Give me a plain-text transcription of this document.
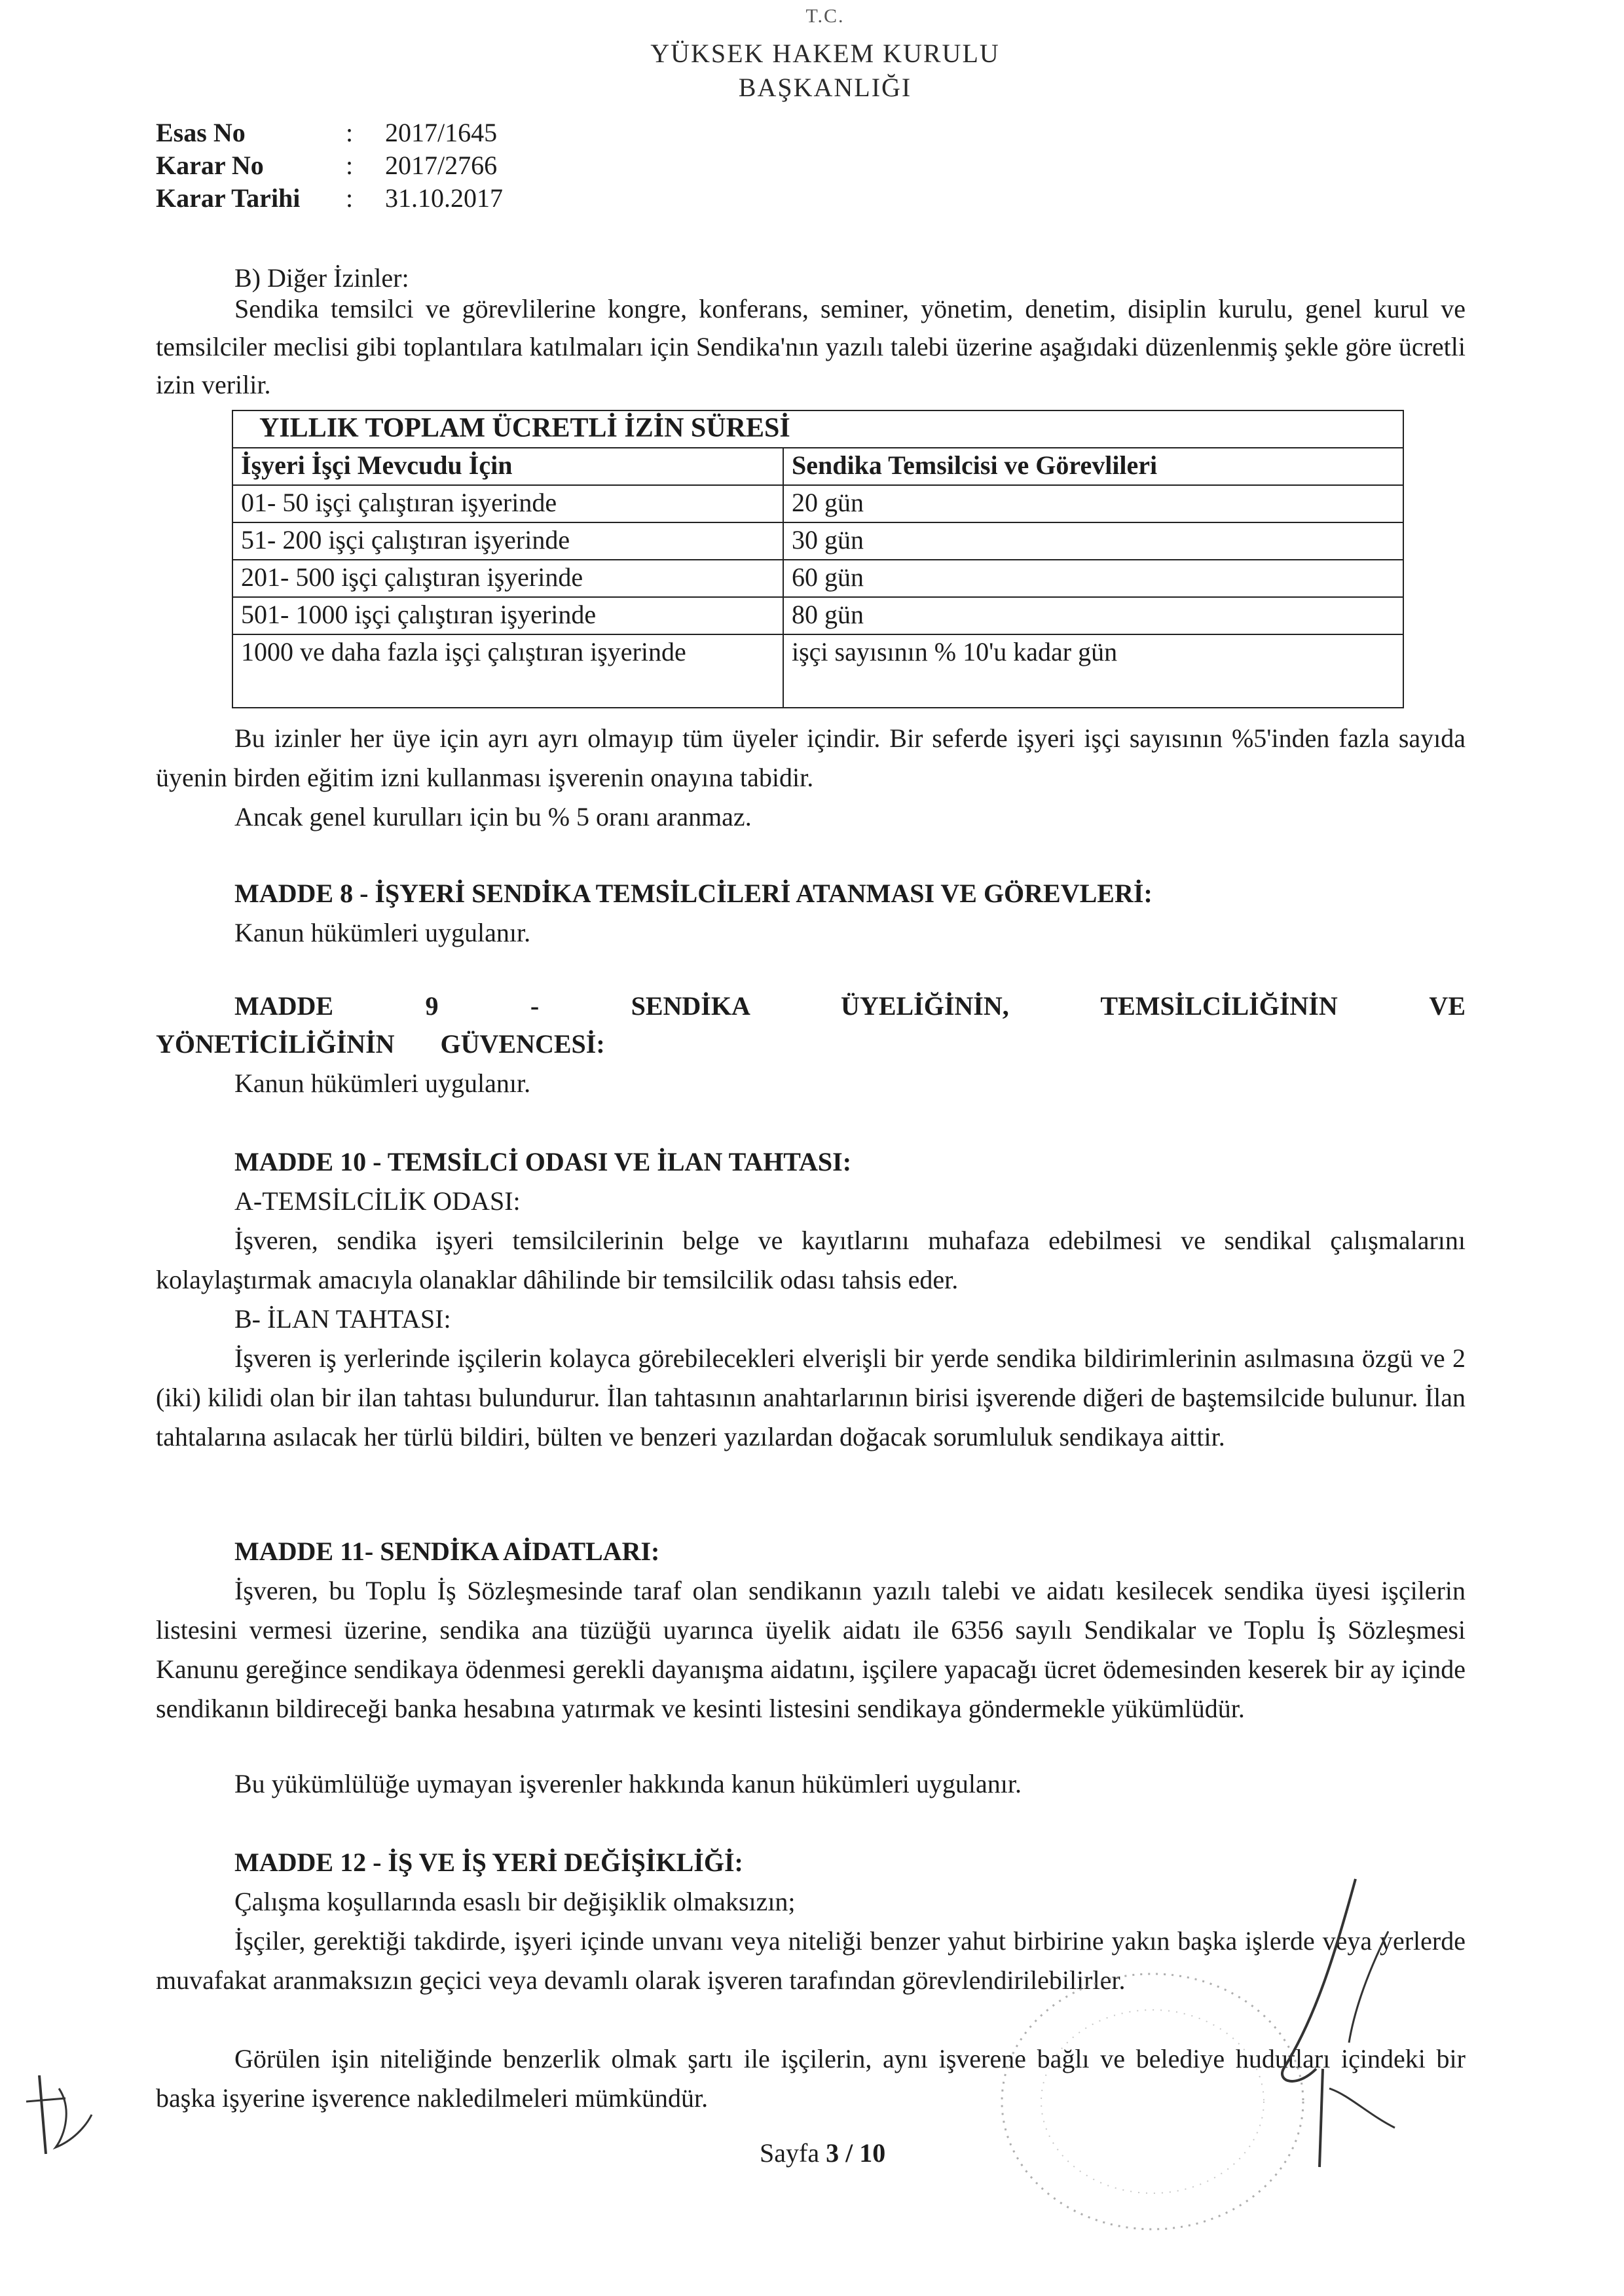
T.C.
YÜKSEK HAKEM KURULU
BAŞKANLIĞI
Esas No	:	2017/1645
Karar No	:	2017/2766
Karar Tarihi	:	31.10.2017
B) Diğer İzinler:
Sendika temsilci ve görevlilerine kongre, konferans, seminer, yönetim, denetim, disiplin kurulu, genel kurul ve temsilciler meclisi gibi toplantılara katılmaları için Sendika'nın yazılı talebi üzerine aşağıdaki düzenlenmiş şekle göre ücretli izin verilir.
YILLIK TOPLAM ÜCRETLİ İZİN SÜRESİ	
İşyeri İşçi Mevcudu İçin	Sendika Temsilcisi ve Görevlileri
01- 50 işçi çalıştıran işyerinde	20 gün
51- 200 işçi çalıştıran işyerinde	30 gün
201- 500 işçi çalıştıran işyerinde	60 gün
501- 1000 işçi çalıştıran işyerinde	80 gün
1000 ve daha fazla işçi çalıştıran işyerinde	işçi sayısının % 10'u kadar gün
Bu izinler her üye için ayrı ayrı olmayıp tüm üyeler içindir. Bir seferde işyeri işçi sayısının %5'inden fazla sayıda üyenin birden eğitim izni kullanması işverenin onayına tabidir.
Ancak genel kurulları için bu % 5 oranı aranmaz.
MADDE 8 - İŞYERİ SENDİKA TEMSİLCİLERİ ATANMASI VE GÖREVLERİ:
Kanun hükümleri uygulanır.
MADDE 9 - SENDİKA ÜYELİĞİNİN, TEMSİLCİLİĞİNİN VE YÖNETİCİLİĞİNİN GÜVENCESİ:
Kanun hükümleri uygulanır.
MADDE 10 - TEMSİLCİ ODASI VE İLAN TAHTASI:
A-TEMSİLCİLİK ODASI:
İşveren, sendika işyeri temsilcilerinin belge ve kayıtlarını muhafaza edebilmesi ve sendikal çalışmalarını kolaylaştırmak amacıyla olanaklar dâhilinde bir temsilcilik odası tahsis eder.
B- İLAN TAHTASI:
İşveren iş yerlerinde işçilerin kolayca görebilecekleri elverişli bir yerde sendika bildirimlerinin asılmasına özgü ve 2 (iki) kilidi olan bir ilan tahtası bulundurur. İlan tahtasının anahtarlarının birisi işverende diğeri de baştemsilcide bulunur. İlan tahtalarına asılacak her türlü bildiri, bülten ve benzeri yazılardan doğacak sorumluluk sendikaya aittir.
MADDE 11- SENDİKA AİDATLARI:
İşveren, bu Toplu İş Sözleşmesinde taraf olan sendikanın yazılı talebi ve aidatı kesilecek sendika üyesi işçilerin listesini vermesi üzerine, sendika ana tüzüğü uyarınca üyelik aidatı ile 6356 sayılı Sendikalar ve Toplu İş Sözleşmesi Kanunu gereğince sendikaya ödenmesi gerekli dayanışma aidatını, işçilere yapacağı ücret ödemesinden keserek bir ay içinde sendikanın bildireceği banka hesabına yatırmak ve kesinti listesini sendikaya göndermekle yükümlüdür.
Bu yükümlülüğe uymayan işverenler hakkında kanun hükümleri uygulanır.
MADDE 12 - İŞ VE İŞ YERİ DEĞİŞİKLİĞİ:
Çalışma koşullarında esaslı bir değişiklik olmaksızın;
İşçiler, gerektiği takdirde, işyeri içinde unvanı veya niteliği benzer yahut birbirine yakın başka işlerde veya yerlerde muvafakat aranmaksızın geçici veya devamlı olarak işveren tarafından görevlendirilebilirler.
Görülen işin niteliğinde benzerlik olmak şartı ile işçilerin, aynı işverene bağlı ve belediye hudutları içindeki bir başka işyerine işverence nakledilmeleri mümkündür.
Sayfa 3 / 10
